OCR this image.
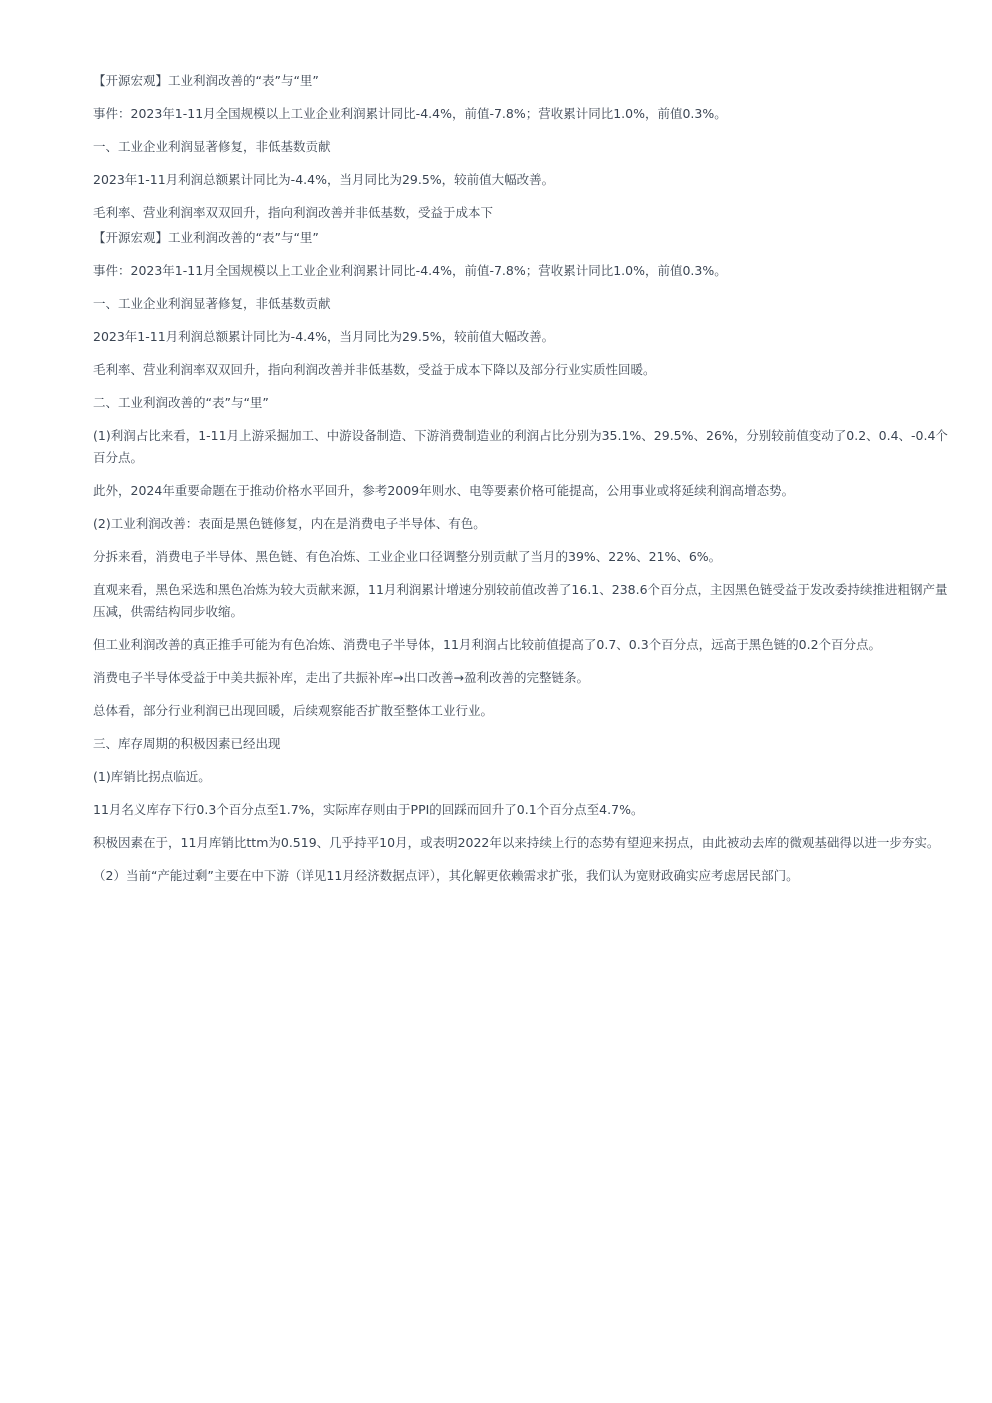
【开源宏观】工业利润改善的“表”与“里”

事件：2023年1-11月全国规模以上工业企业利润累计同比-4.4%，前值-7.8%；营收累计同比1.0%，前值0.3%。

一、工业企业利润显著修复，非低基数贡献

2023年1-11月利润总额累计同比为-4.4%，当月同比为29.5%，较前值大幅改善。

毛利率、营业利润率双双回升，指向利润改善并非低基数，受益于成本下

【开源宏观】工业利润改善的“表”与“里”

事件：2023年1-11月全国规模以上工业企业利润累计同比-4.4%，前值-7.8%；营收累计同比1.0%，前值0.3%。

一、工业企业利润显著修复，非低基数贡献

2023年1-11月利润总额累计同比为-4.4%，当月同比为29.5%，较前值大幅改善。

毛利率、营业利润率双双回升，指向利润改善并非低基数，受益于成本下降以及部分行业实质性回暖。

二、工业利润改善的“表”与“里”

(1)利润占比来看，1-11月上游采掘加工、中游设备制造、下游消费制造业的利润占比分别为35.1%、29.5%、26%，分别较前值变动了0.2、0.4、-0.4个百分点。

此外，2024年重要命题在于推动价格水平回升，参考2009年则水、电等要素价格可能提高，公用事业或将延续利润高增态势。

(2)工业利润改善：表面是黑色链修复，内在是消费电子半导体、有色。

分拆来看，消费电子半导体、黑色链、有色冶炼、工业企业口径调整分别贡献了当月的39%、22%、21%、6%。

直观来看，黑色采选和黑色冶炼为较大贡献来源，11月利润累计增速分别较前值改善了16.1、238.6个百分点，主因黑色链受益于发改委持续推进粗钢产量压减，供需结构同步收缩。

但工业利润改善的真正推手可能为有色冶炼、消费电子半导体，11月利润占比较前值提高了0.7、0.3个百分点，远高于黑色链的0.2个百分点。

消费电子半导体受益于中美共振补库，走出了共振补库→出口改善→盈利改善的完整链条。

总体看，部分行业利润已出现回暖，后续观察能否扩散至整体工业行业。

三、库存周期的积极因素已经出现

(1)库销比拐点临近。

11月名义库存下行0.3个百分点至1.7%，实际库存则由于PPI的回踩而回升了0.1个百分点至4.7%。

积极因素在于，11月库销比ttm为0.519、几乎持平10月，或表明2022年以来持续上行的态势有望迎来拐点，由此被动去库的微观基础得以进一步夯实。

（2）当前“产能过剩”主要在中下游（详见11月经济数据点评），其化解更依赖需求扩张，我们认为宽财政确实应考虑居民部门。
